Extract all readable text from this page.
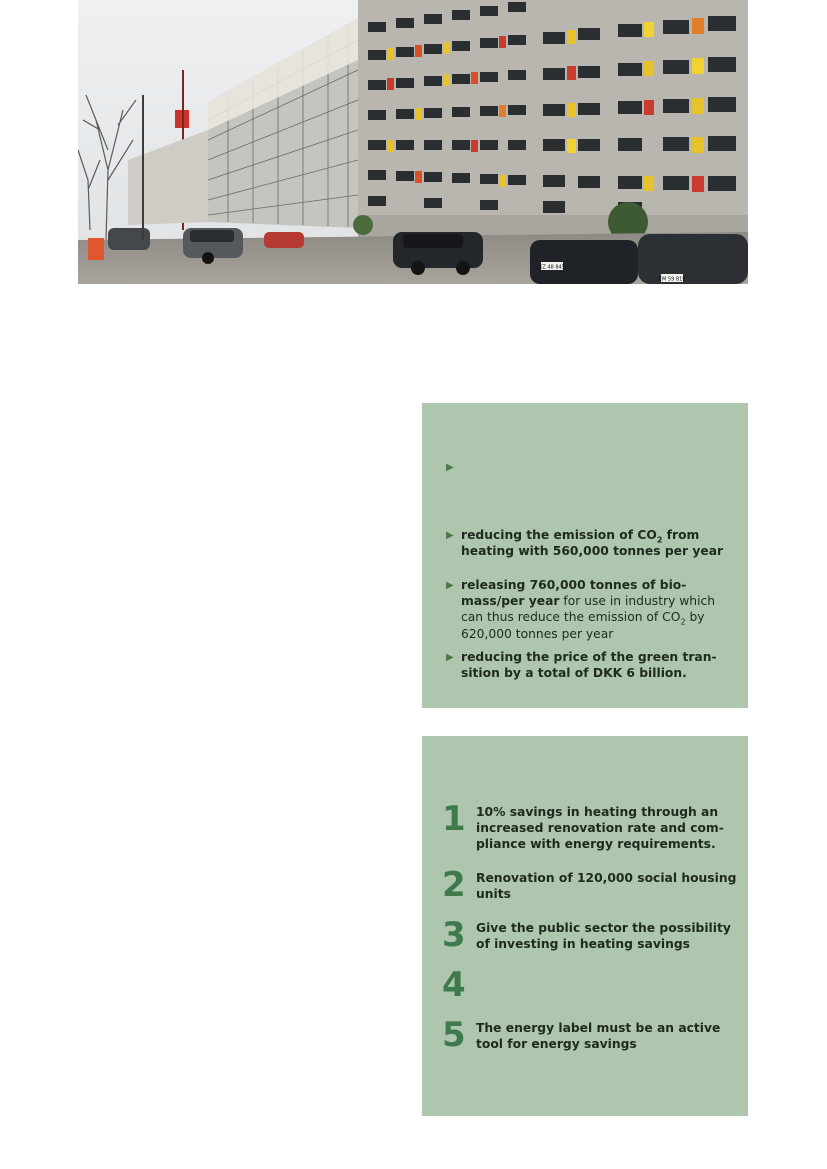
KZ 48 845
CM 59 819
▶
▶ reducing the emission of $CO_2$ from heating with 560,000 tonnes per year
▶ releasing 760,000 tonnes of bio-mass/per year for use in industry which can thus reduce the emission of $CO_2$ by 620,000 tonnes per year
▶ reducing the price of the green tran-sition by a total of DKK 6 billion.
1 10% savings in heating through an increased renovation rate and com-pliance with energy requirements.
2 Renovation of 120,000 social housing units
3 Give the public sector the possibility of investing in heating savings
4
5 The energy label must be an active tool for energy savings
